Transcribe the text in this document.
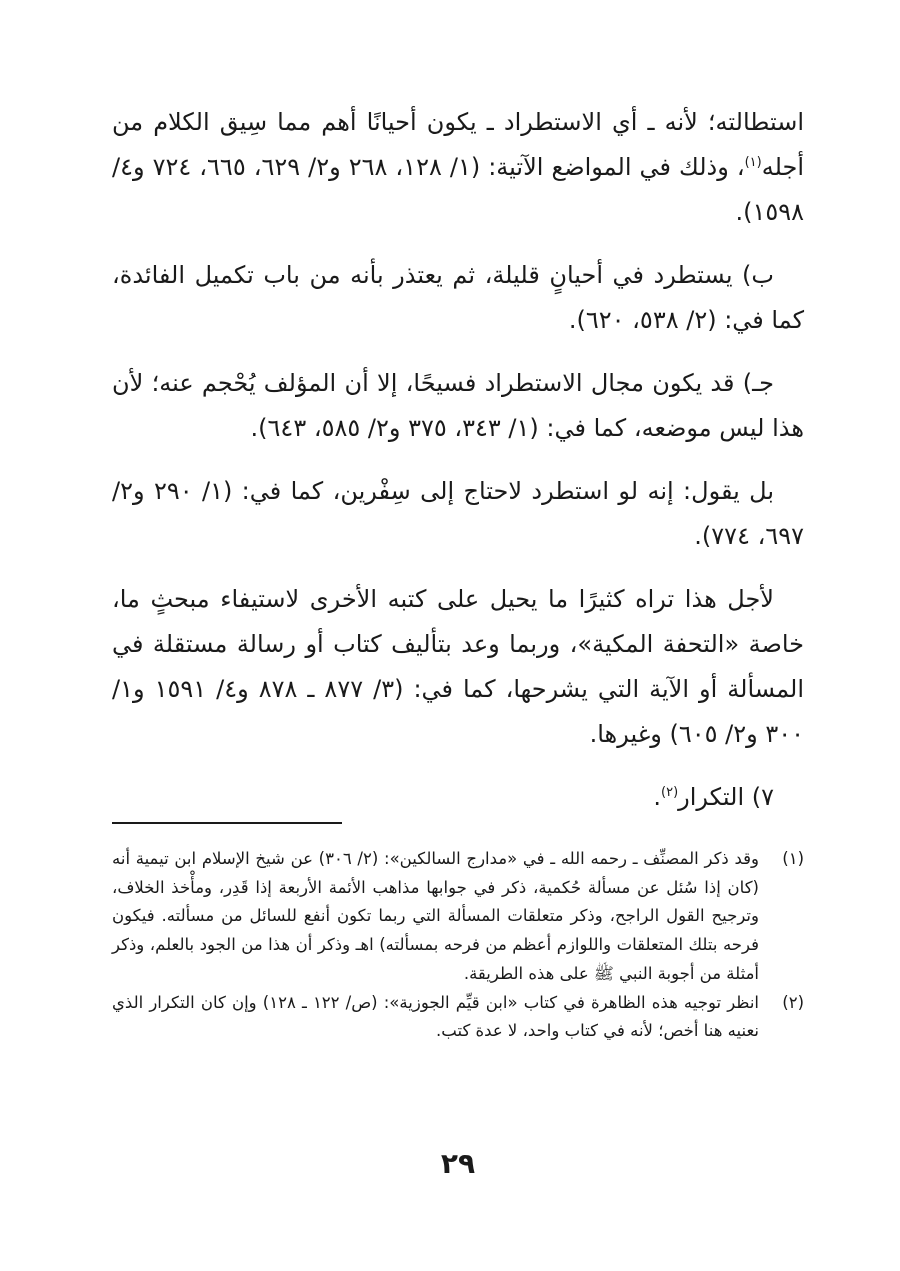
استطالته؛ لأنه ـ أي الاستطراد ـ يكون أحيانًا أهم مما سِيق الكلام من أجله$^{(١)}$، وذلك في المواضع الآتية: (١/ ١٢٨، ٢٦٨ و٢/ ٦٢٩، ٦٦٥، ٧٢٤ و٤/ ١٥٩٨).

ب) يستطرد في أحيانٍ قليلة، ثم يعتذر بأنه من باب تكميل الفائدة، كما في: (٢/ ٥٣٨، ٦٢٠).

جـ) قد يكون مجال الاستطراد فسيحًا، إلا أن المؤلف يُحْجم عنه؛ لأن هذا ليس موضعه، كما في: (١/ ٣٤٣، ٣٧٥ و٢/ ٥٨٥، ٦٤٣).

بل يقول: إنه لو استطرد لاحتاج إلى سِفْرين، كما في: (١/ ٢٩٠ و٢/ ٦٩٧، ٧٧٤).

لأجل هذا تراه كثيرًا ما يحيل على كتبه الأخرى لاستيفاء مبحثٍ ما، خاصة «التحفة المكية»، وربما وعد بتأليف كتاب أو رسالة مستقلة في المسألة أو الآية التي يشرحها، كما في: (٣/ ٨٧٧ ـ ٨٧٨ و٤/ ١٥٩١ و١/ ٣٠٠ و٢/ ٦٠٥) وغيرها.

٧) التكرار$^{(٢)}$.

(١)
وقد ذكر المصنِّف ـ رحمه الله ـ في «مدارج السالكين»: (٢/ ٣٠٦) عن شيخ الإسلام ابن تيمية أنه (كان إذا سُئل عن مسألة حُكمية، ذكر في جوابها مذاهب الأئمة الأربعة إذا قَدِر، ومأْخذ الخلاف، وترجيح القول الراجح، وذكر متعلقات المسألة التي ربما تكون أنفع للسائل من مسألته. فيكون فرحه بتلك المتعلقات واللوازم أعظم من فرحه بمسألته) اهـ وذكر أن هذا من الجود بالعلم، وذكر أمثلة من أجوبة النبي ﷺ على هذه الطريقة.

(٢)
انظر توجيه هذه الظاهرة في كتاب «ابن قيِّم الجوزية»: (ص/ ١٢٢ ـ ١٢٨) وإن كان التكرار الذي نعنيه هنا أخص؛ لأنه في كتاب واحد، لا عدة كتب.

٢٩
